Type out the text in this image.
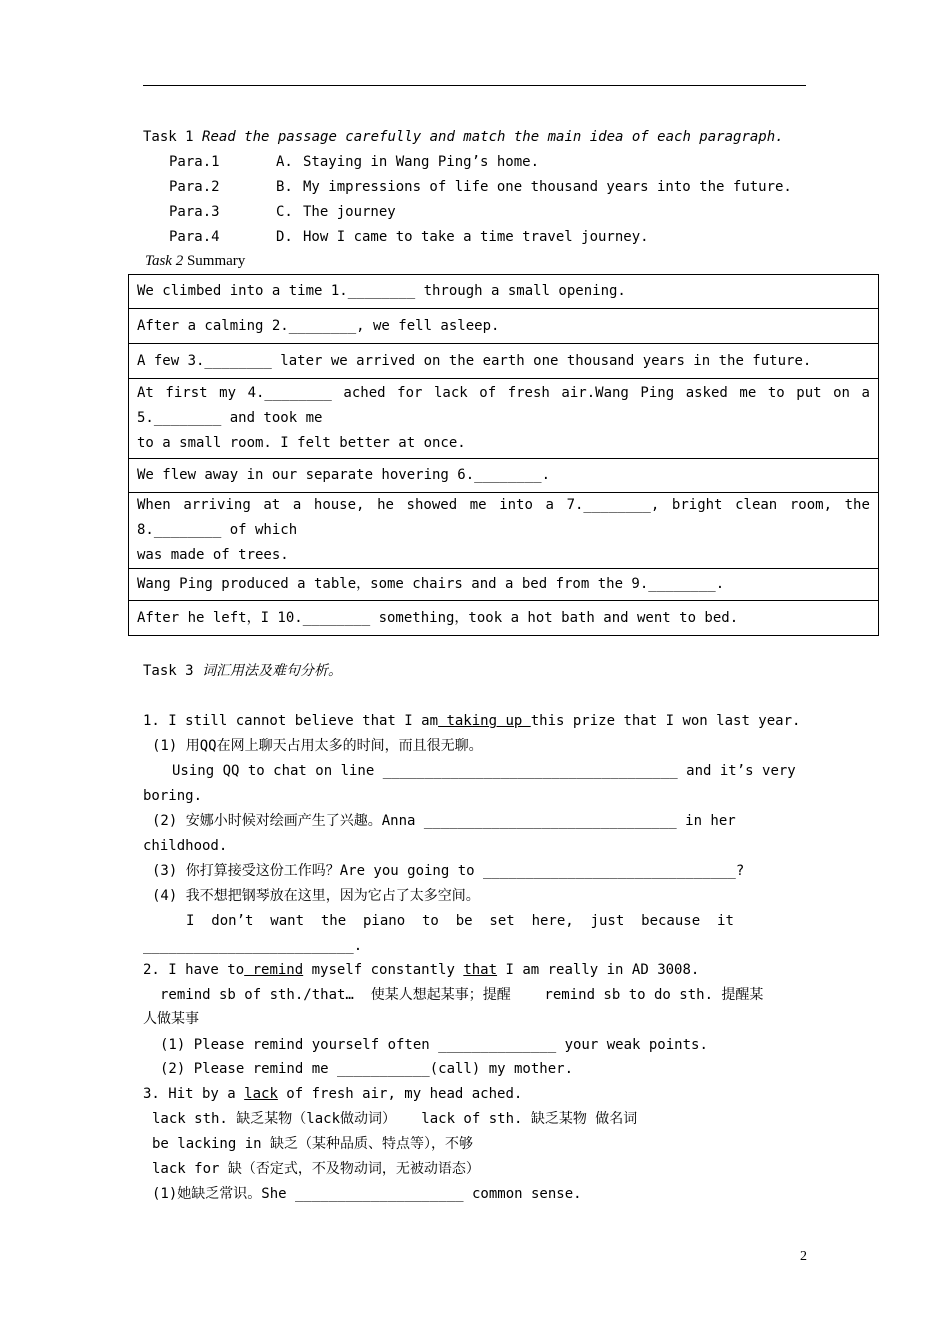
Task 1 Read the passage carefully and match the main idea of each paragraph.
Para.1	A. Staying in Wang Ping’s home.
Para.2	B. My impressions of life one thousand years into the future.
Para.3	C. The journey
Para.4	D. How I came to take a time travel journey.
Task 2 Summary
We climbed into a time 1.________ through a small opening.
After a calming 2.________, we fell asleep.
A few 3.________ later we arrived on the earth one thousand years in the future.

At first my 4.________ ached for lack of fresh air.Wang Ping asked me to put on a
5.________ and took me
to a small room. I felt better at once.

We flew away in our separate hovering 6.________.

When arriving at a house, he showed me into a 7.________, bright clean room, the
8.________ of which
was made of trees.

Wang Ping produced a table，some chairs and a bed from the 9.________.
After he left，I 10.________ something，took a hot bath and went to bed.
Task 3 词汇用法及难句分析。
1. I still cannot believe that I am taking up this prize that I won last year.
(1) 用QQ在网上聊天占用太多的时间，而且很无聊。
Using QQ to chat on line ___________________________________ and it’s very
boring.
(2) 安娜小时候对绘画产生了兴趣。Anna ______________________________ in her
childhood.
(3) 你打算接受这份工作吗？Are you going to ______________________________?
(4) 我不想把钢琴放在这里，因为它占了太多空间。
I  don’t  want  the  piano  to  be  set  here,  just  because  it
_________________________.
2. I have to remind myself constantly that I am really in AD 3008.
remind sb of sth./that…  使某人想起某事；提醒    remind sb to do sth. 提醒某
人做某事
(1) Please remind yourself often ______________ your weak points.
(2) Please remind me ___________(call) my mother.
3. Hit by a lack of fresh air, my head ached.
lack sth. 缺乏某物（lack做动词）   lack of sth. 缺乏某物 做名词
be lacking in 缺乏（某种品质、特点等），不够
lack for 缺（否定式，不及物动词，无被动语态）
(1)她缺乏常识。She ____________________ common sense.
2
